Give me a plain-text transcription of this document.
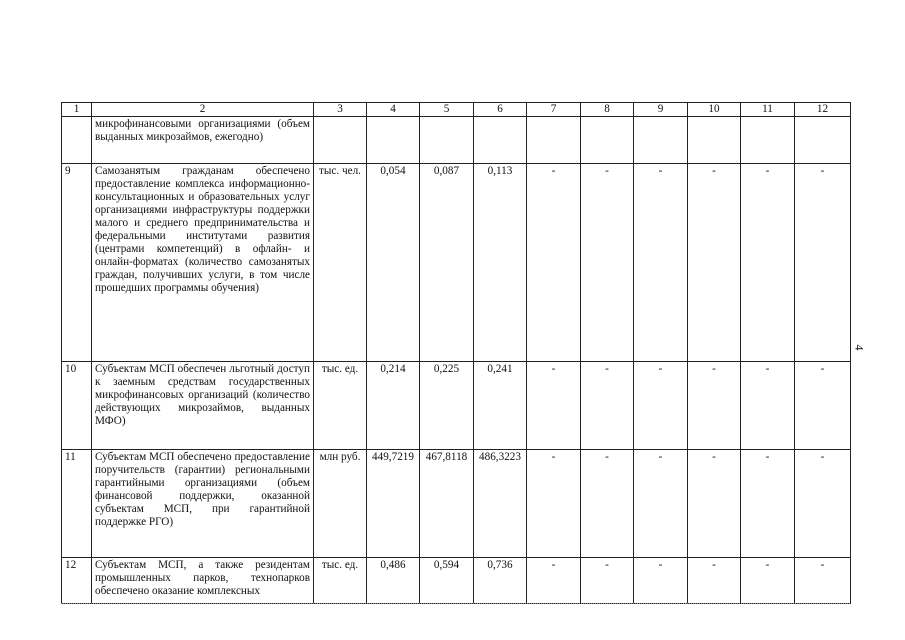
1	2	3	4	5	6	7	8	9	10	11	12
	микрофинансовыми организациями (объем выданных микрозаймов, ежегодно)										
9	Самозанятым гражданам обеспечено предоставление комплекса информационно-консультационных и образовательных услуг организациями инфраструктуры поддержки малого и среднего предпринимательства и федеральными институтами развития (центрами компетенций) в офлайн- и онлайн-форматах (количество самозанятых граждан, получивших услуги, в том числе прошедших программы обучения)	тыс. чел.	0,054	0,087	0,113	-	-	-	-	-	-
10	Субъектам МСП обеспечен льготный доступ к заемным средствам государственных микрофинансовых организаций (количество действующих микрозаймов, выданных МФО)	тыс. ед.	0,214	0,225	0,241	-	-	-	-	-	-
11	Субъектам МСП обеспечено предоставление поручительств (гарантии) региональными гарантийными организациями (объем финансовой поддержки, оказанной субъектам МСП, при гарантийной поддержке РГО)	млн руб.	449,7219	467,8118	486,3223	-	-	-	-	-	-
12	Субъектам МСП, а также резидентам промышленных парков, технопарков обеспечено оказание комплексных	тыс. ед.	0,486	0,594	0,736	-	-	-	-	-	-
4
